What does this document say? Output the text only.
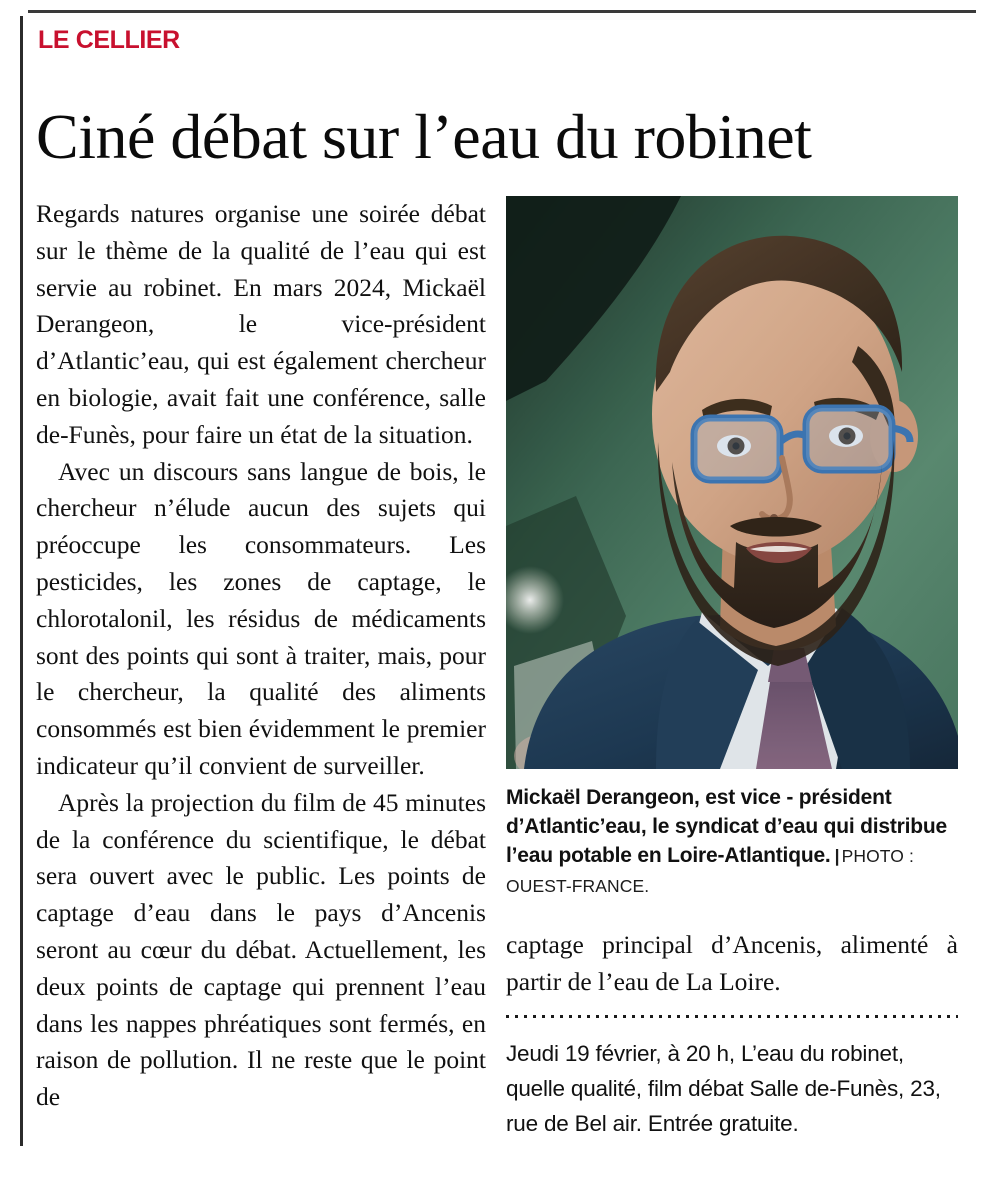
LE CELLIER
Ciné débat sur l’eau du robinet

Regards natures organise une soirée débat sur le thème de la qualité de l’eau qui est servie au robinet. En mars 2024, Mickaël Derangeon, le vice-président d’Atlantic’eau, qui est également chercheur en biologie, avait fait une conférence, salle de-Funès, pour faire un état de la situation.

Avec un discours sans langue de bois, le chercheur n’élude aucun des sujets qui préoccupe les consommateurs. Les pesticides, les zones de captage, le chlorotalonil, les résidus de médicaments sont des points qui sont à traiter, mais, pour le chercheur, la qualité des aliments consommés est bien évidemment le premier indicateur qu’il convient de surveiller.

Après la projection du film de 45 minutes de la conférence du scientifique, le débat sera ouvert avec le public. Les points de captage d’eau dans le pays d’Ancenis seront au cœur du débat. Actuellement, les deux points de captage qui prennent l’eau dans les nappes phréatiques sont fermés, en raison de pollution. Il ne reste que le point de

Mickaël Derangeon, est vice - président d’Atlantic’eau, le syndicat d’eau qui distribue l’eau potable en Loire-Atlantique. | PHOTO : OUEST-FRANCE.

captage principal d’Ancenis, alimenté à partir de l’eau de La Loire.

Jeudi 19 février, à 20 h, L’eau du robinet, quelle qualité, film débat Salle de-Funès, 23, rue de Bel air. Entrée gratuite.
